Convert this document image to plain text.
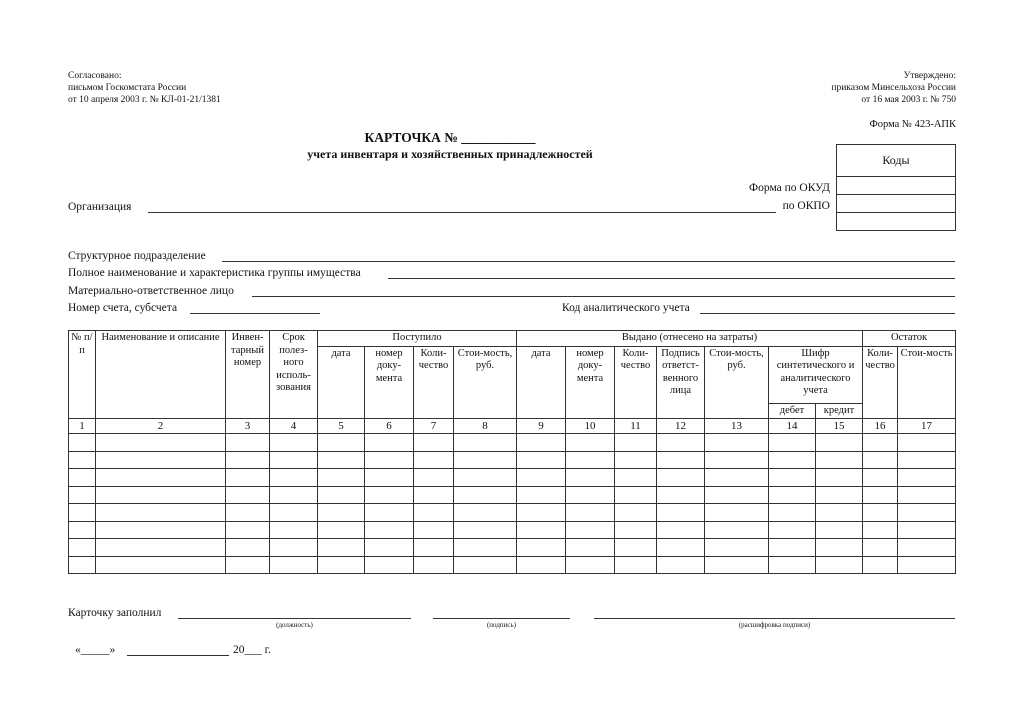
Согласовано:
письмом Госкомстата России
от 10 апреля 2003 г. № КЛ-01-21/1381
Утверждено:
приказом Минсельхоза России
от 16 мая 2003 г. № 750
Форма № 423-АПК
КАРТОЧКА № ___________
учета инвентаря и хозяйственных принадлежностей	Коды
Форма по ОКУД
по ОКПО
Организация
Структурное подразделение
Полное наименование и характеристика группы имущества
Материально-ответственное лицо
Номер счета, субсчета	Код аналитического учета
№ п/п	Наименование и описание	Инвен-тарный номер	Срок полез-ного исполь-зования	Поступило				Выдано (отнесено на затраты)							Остаток	
				дата	номер доку-мента	Коли-чество	Стои-мость, руб.	дата	номер доку-мента	Коли-чество	Подпись ответст-венного лица	Стои-мость, руб.	Шифр синтетического и аналитического учета		Коли-чество	Стои-мость
													дебет	кредит		
1	2	3	4	5	6	7	8	9	10	11	12	13	14	15	16	17

Карточку заполнил
(должность)	(подпись)	(расшифровка подписи)
«_____»	20___ г.
